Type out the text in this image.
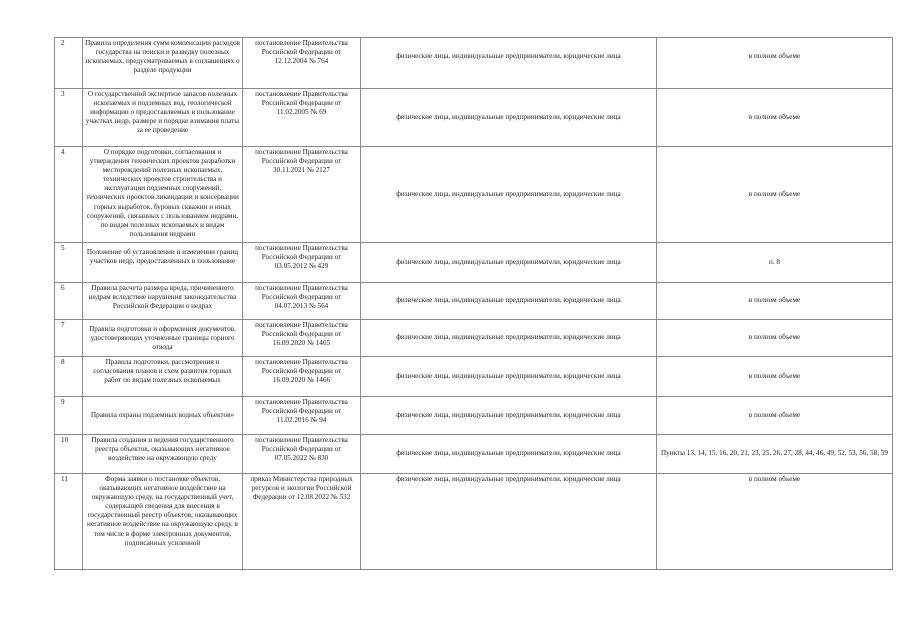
2	Правила определения сумм компенсации расходов государства на поиски и разведку полезных ископаемых, предусматриваемых в соглашениях о разделе продукции	постановление Правительства Российской Федерации от 12.12.2004 № 764	физические лица, индивидуальные предприниматели, юридические лица	в полном объеме
3	О государственной экспертизе запасов полезных ископаемых и подземных вод, геологической информации о предоставляемых в пользование участках недр, размере и порядке взимания платы за ее проведение	постановление Правительства Российской Федерации от 11.02.2005 № 69	физические лица, индивидуальные предприниматели, юридические лица	в полном объеме
4	О порядке подготовки, согласования и утверждения технических проектов разработки месторождений полезных ископаемых, технических проектов строительства и эксплуатации подземных сооружений, технических проектов ликвидации и консервации горных выработок, буровых скважин и иных сооружений, связанных с пользованием недрами, по видам полезных ископаемых и видам пользования недрами	постановление Правительства Российской Федерации от 30.11.2021 № 2127	физические лица, индивидуальные предприниматели, юридические лица	в полном объеме
5	Положение об установлении и изменении границ участков недр, предоставленных в пользование	постановление Правительства Российской Федерации от 03.05.2012 № 429	физические лица, индивидуальные предприниматели, юридические лица	п. 8
6	Правила расчета размера вреда, причиненного недрам вследствие нарушения законодательства Российской Федерации о недрах	постановление Правительства Российской Федерации от 04.07.2013 № 564	физические лица, индивидуальные предприниматели, юридические лица	в полном объеме
7	Правила подготовки и оформления документов, удостоверяющих уточненные границы горного отвода	постановление Правительства Российской Федерации от 16.09.2020 № 1465	физические лица, индивидуальные предприниматели, юридические лица	в полном объеме
8	Правила подготовки, рассмотрения и согласования планов и схем развития горных работ по видам полезных ископаемых	постановление Правительства Российской Федерации от 16.09.2020 № 1466	физические лица, индивидуальные предприниматели, юридические лица	в полном объеме
9	Правила охраны подземных водных объектов»	постановление Правительства Российской Федерации от 11.02.2016 № 94	физические лица, индивидуальные предприниматели, юридические лица	в полном объеме
10	Правила создания и ведения государственного реестра объектов, оказывающих негативное воздействие на окружающую среду	постановление Правительства Российской Федерации от 07.05.2022 № 830	физические лица, индивидуальные предприниматели, юридические лица	Пункты 13, 14, 15, 16, 20, 21, 23, 25, 26, 27, 28, 44, 46, 49, 52, 53, 56, 58, 59
11	Форма заявки о постановке объектов, оказывающих негативное воздействие на окружающую среду, на государственный учет, содержащей сведения для внесения в государственный реестр объектов, оказывающих негативное воздействие на окружающую среду, в том числе в форме электронных документов, подписанных усиленной	приказ Министерства природных ресурсов и экологии Российской Федерации от 12.08.2022 № 532	физические лица, индивидуальные предприниматели, юридические лица	в полном объеме
